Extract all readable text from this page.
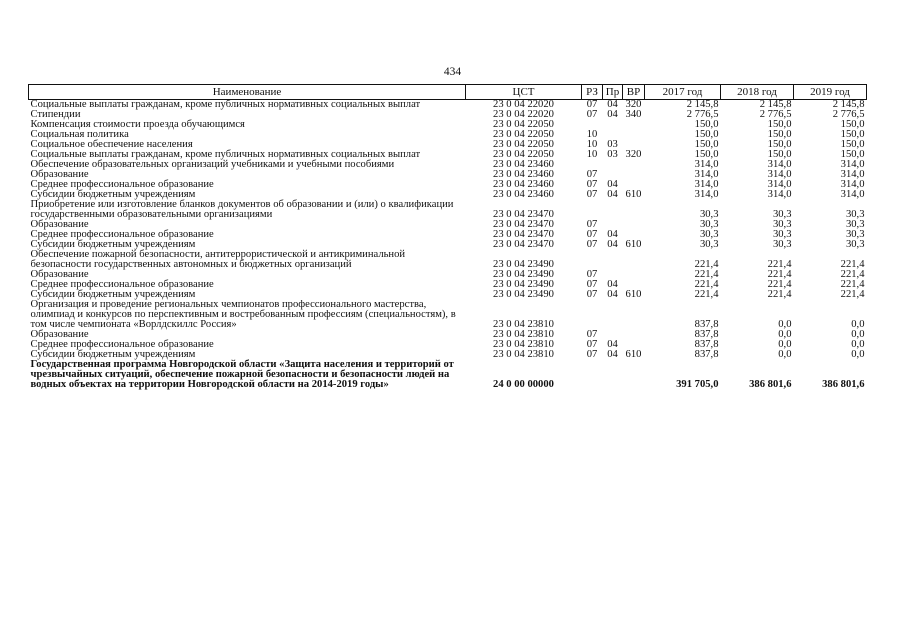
434
Наименование	ЦСТ	РЗ	Пр	ВР	2017 год	2018 год	2019 год
Социальные выплаты гражданам, кроме публичных нормативных социальных выплат	23 0 04 22020	07	04	320	2 145,8	2 145,8	2 145,8
Стипендии	23 0 04 22020	07	04	340	2 776,5	2 776,5	2 776,5
Компенсация стоимости проезда обучающимся	23 0 04 22050				150,0	150,0	150,0
Социальная политика	23 0 04 22050	10			150,0	150,0	150,0
Социальное обеспечение населения	23 0 04 22050	10	03		150,0	150,0	150,0
Социальные выплаты гражданам, кроме публичных нормативных социальных выплат	23 0 04 22050	10	03	320	150,0	150,0	150,0
Обеспечение образовательных организаций учебниками и учебными пособиями	23 0 04 23460				314,0	314,0	314,0
Образование	23 0 04 23460	07			314,0	314,0	314,0
Среднее профессиональное образование	23 0 04 23460	07	04		314,0	314,0	314,0
Субсидии бюджетным учреждениям	23 0 04 23460	07	04	610	314,0	314,0	314,0
Приобретение или изготовление бланков документов об образовании и (или) о квалификации государственными образовательными организациями	23 0 04 23470				30,3	30,3	30,3
Образование	23 0 04 23470	07			30,3	30,3	30,3
Среднее профессиональное образование	23 0 04 23470	07	04		30,3	30,3	30,3
Субсидии бюджетным учреждениям	23 0 04 23470	07	04	610	30,3	30,3	30,3
Обеспечение пожарной безопасности, антитеррористической и антикриминальной безопасности государственных автономных и бюджетных организаций	23 0 04 23490				221,4	221,4	221,4
Образование	23 0 04 23490	07			221,4	221,4	221,4
Среднее профессиональное образование	23 0 04 23490	07	04		221,4	221,4	221,4
Субсидии бюджетным учреждениям	23 0 04 23490	07	04	610	221,4	221,4	221,4
Организация и проведение региональных чемпионатов профессионального мастерства, олимпиад и конкурсов по перспективным и востребованным профессиям (специальностям), в том числе чемпионата «Ворлдскиллс Россия»	23 0 04 23810				837,8	0,0	0,0
Образование	23 0 04 23810	07			837,8	0,0	0,0
Среднее профессиональное образование	23 0 04 23810	07	04		837,8	0,0	0,0
Субсидии бюджетным учреждениям	23 0 04 23810	07	04	610	837,8	0,0	0,0
Государственная программа Новгородской области «Защита населения и территорий от чрезвычайных ситуаций, обеспечение пожарной безопасности и безопасности людей на водных объектах на территории Новгородской области на 2014-2019 годы»	24 0 00 00000				391 705,0	386 801,6	386 801,6
